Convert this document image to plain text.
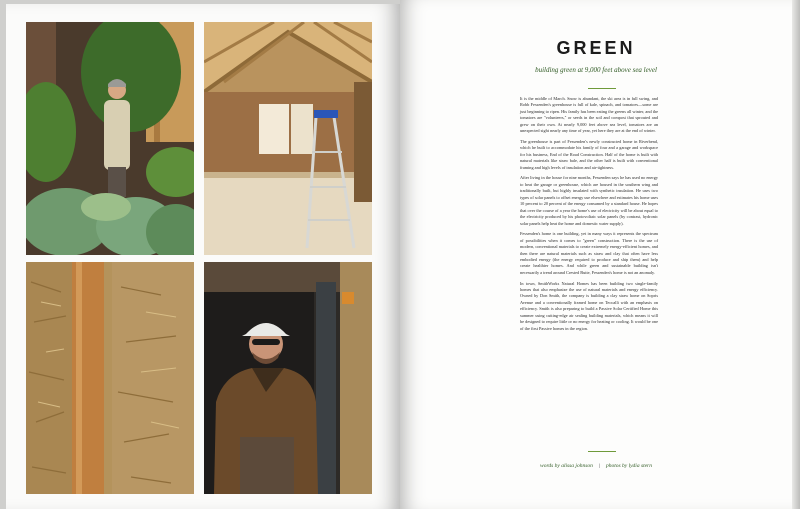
GREEN
building green at 9,000 feet above sea level

It is the middle of March. Snow is abundant, the ski area is in full swing, and Robb Fessenden's greenhouse is full of kale, spinach, and tomatoes—some are just beginning to ripen. His family has been eating the greens all winter, and the tomatoes are "volunteers," or seeds in the soil and compost that sprouted and grew on their own. At nearly 9,000 feet above sea level, tomatoes are an unexpected sight nearly any time of year, yet here they are at the end of winter.

The greenhouse is part of Fessenden's newly constructed home in Riverbend, which he built to accommodate his family of four and a garage and workspace for his business, End of the Road Construction. Half of the home is built with natural materials like straw bale, and the other half is built with conventional framing and high levels of insulation and air-tightness.

After living in the house for nine months, Fessenden says he has used no energy to heat the garage or greenhouse, which are housed in the southern wing and traditionally built, but highly insulated with synthetic insulation. He uses two types of solar panels to offset energy use elsewhere and estimates his home uses 10 percent to 20 percent of the energy consumed by a standard house. He hopes that over the course of a year the home's use of electricity will be about equal to the electricity produced by his photovoltaic solar panels (by contrast, hydronic solar panels help heat the home and domestic water supply).

Fessenden's home is one building, yet in many ways it represents the spectrum of possibilities when it comes to "green" construction. There is the use of modern, conventional materials to create extremely energy-efficient homes, and then there are natural materials such as straw and clay that often have less embodied energy (the energy required to produce and ship them) and help create healthier homes. And while green and sustainable building isn't necessarily a trend around Crested Butte, Fessenden's home is not an anomaly.

In town, SmithWorks Natural Homes has been building two single-family homes that also emphasize the use of natural materials and energy efficiency. Owned by Don Smith, the company is building a clay straw home on Sopris Avenue and a conventionally framed home on Teocalli with an emphasis on efficiency. Smith is also preparing to build a Passive Solar Certified Home this summer using cutting-edge air sealing building materials, which means it will be designed to require little or no energy for heating or cooling. It would be one of the first Passive homes in the region.

words by alissa johnson | photos by lydia stern
